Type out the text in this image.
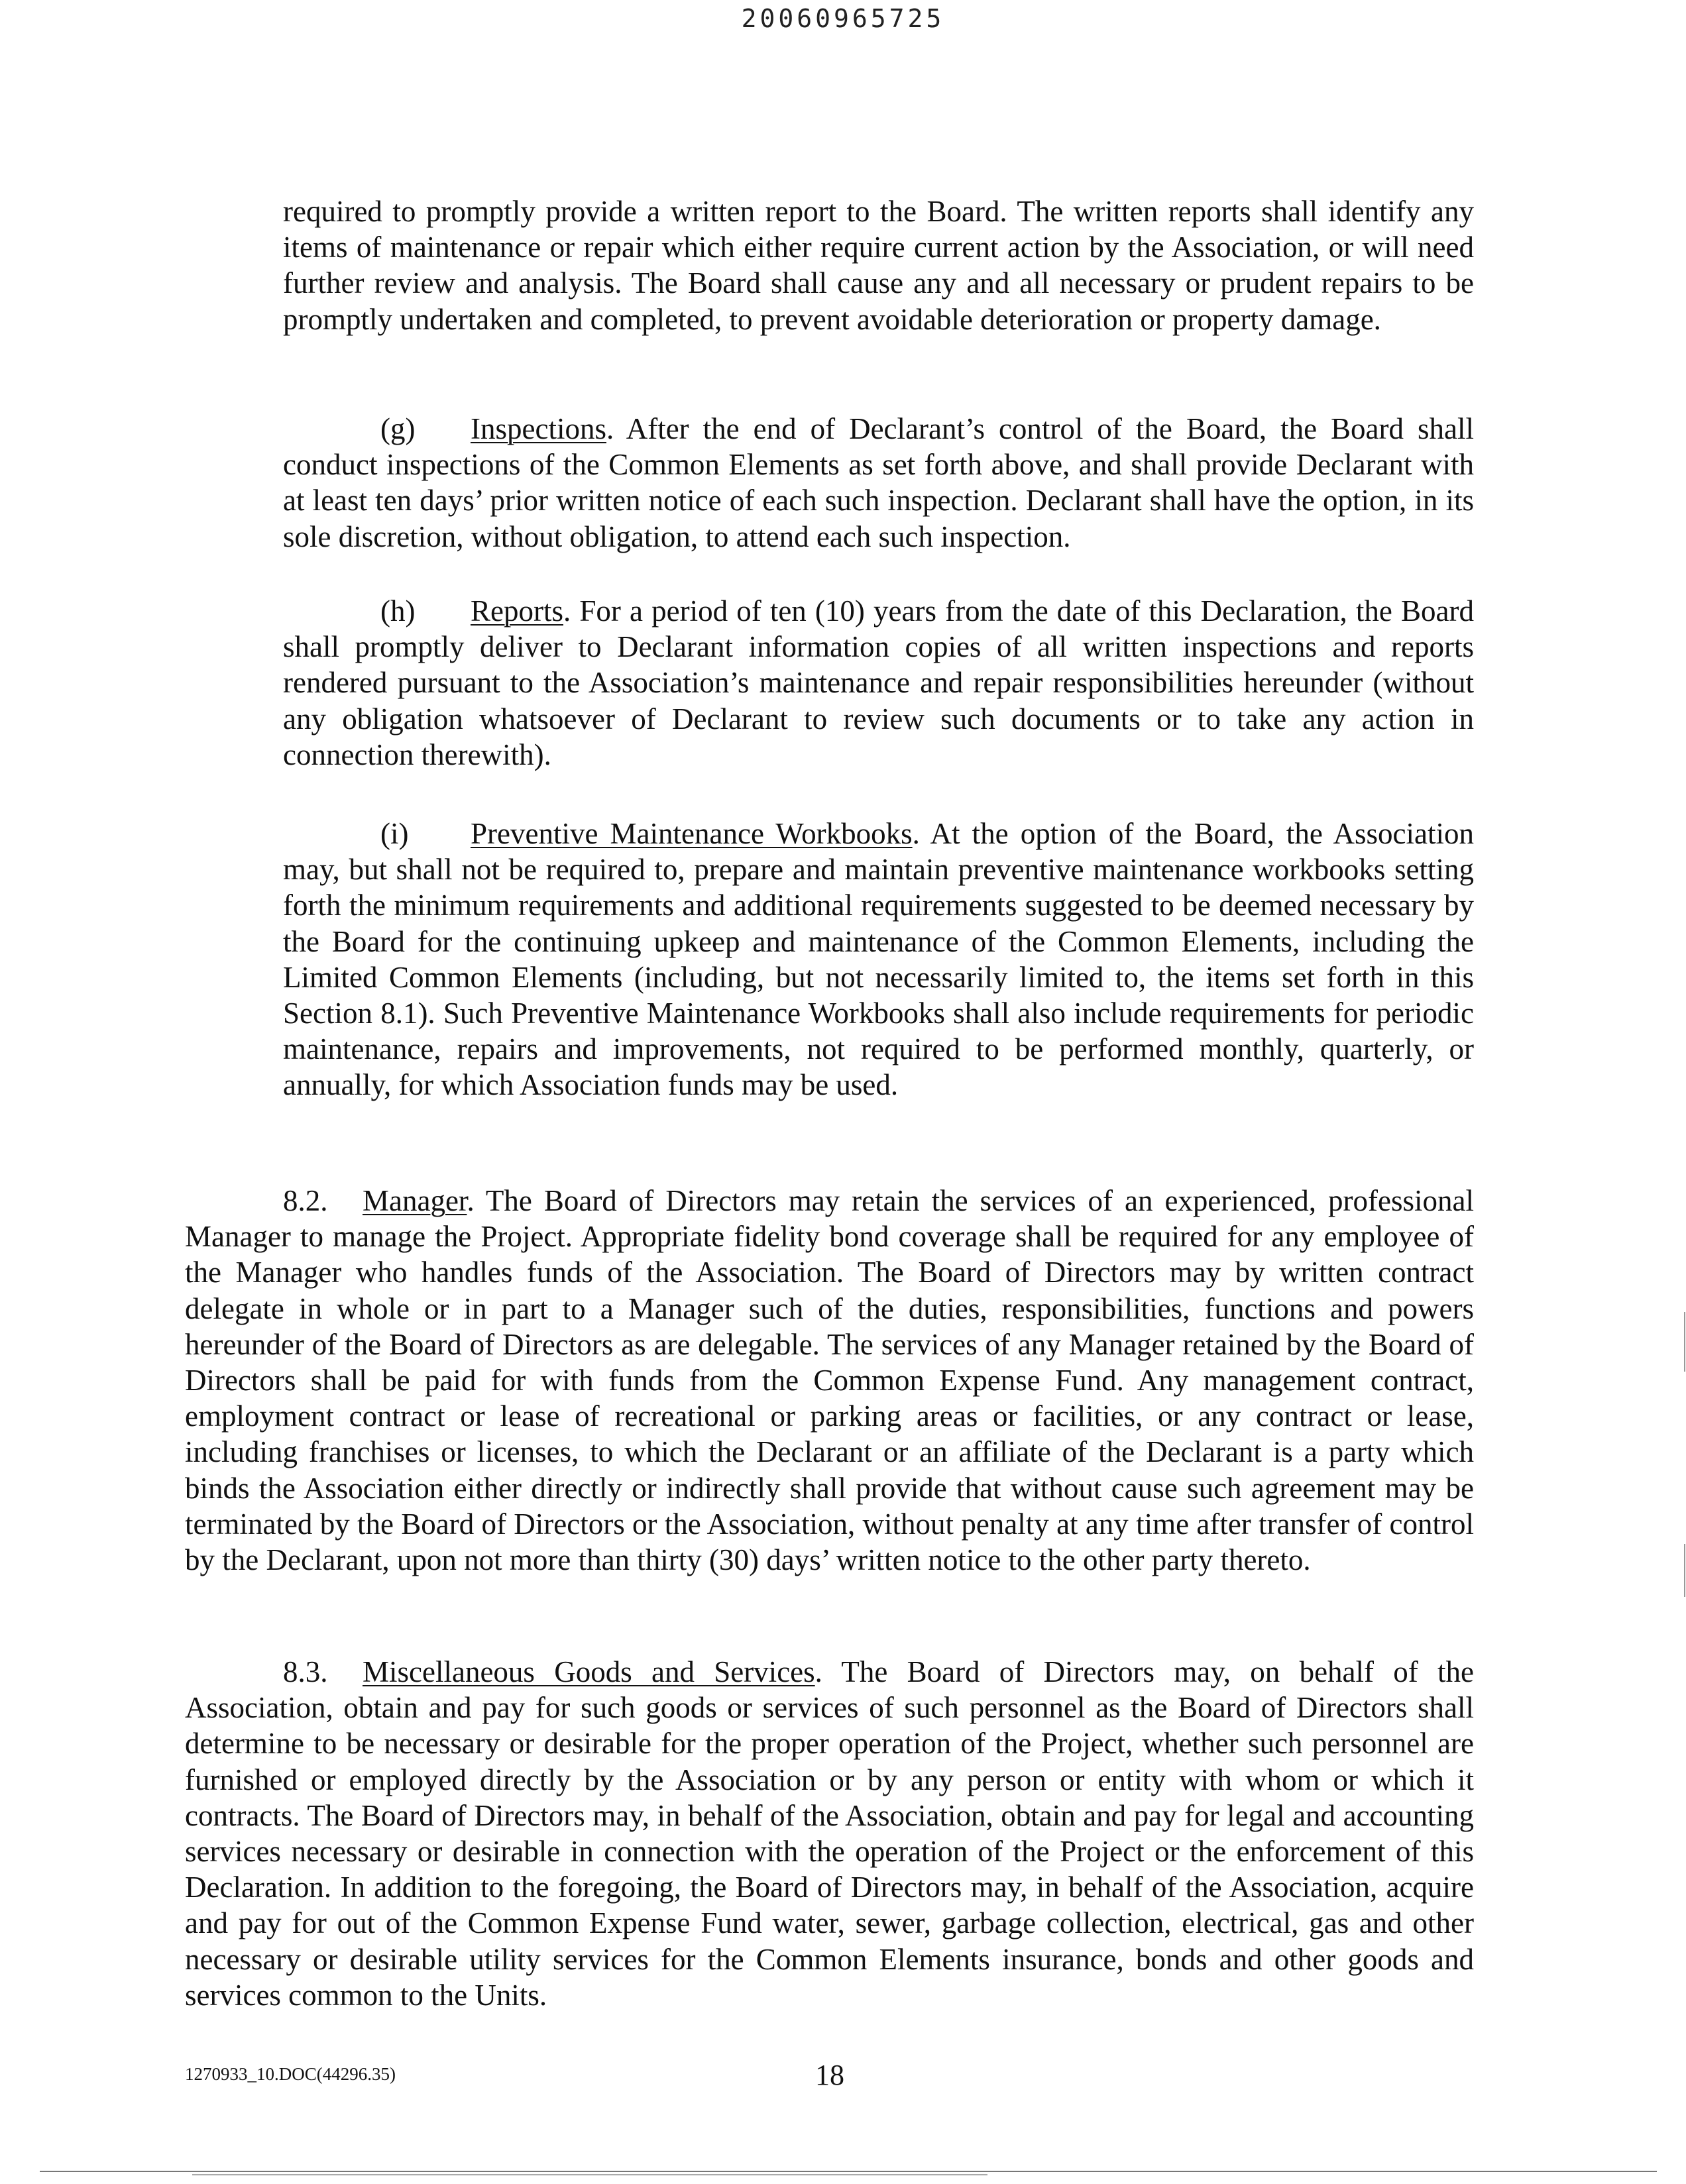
20060965725

required to promptly provide a written report to the Board. The written reports shall identify any items of maintenance or repair which either require current action by the Association, or will need further review and analysis. The Board shall cause any and all necessary or prudent repairs to be promptly undertaken and completed, to prevent avoidable deterioration or property damage.

(g) Inspections. After the end of Declarant’s control of the Board, the Board shall conduct inspections of the Common Elements as set forth above, and shall provide Declarant with at least ten days’ prior written notice of each such inspection. Declarant shall have the option, in its sole discretion, without obligation, to attend each such inspection.

(h) Reports. For a period of ten (10) years from the date of this Declaration, the Board shall promptly deliver to Declarant information copies of all written inspections and reports rendered pursuant to the Association’s maintenance and repair responsibilities hereunder (without any obligation whatsoever of Declarant to review such documents or to take any action in connection therewith).

(i) Preventive Maintenance Workbooks. At the option of the Board, the Association may, but shall not be required to, prepare and maintain preventive maintenance workbooks setting forth the minimum requirements and additional requirements suggested to be deemed necessary by the Board for the continuing upkeep and maintenance of the Common Elements, including the Limited Common Elements (including, but not necessarily limited to, the items set forth in this Section 8.1). Such Preventive Maintenance Workbooks shall also include requirements for periodic maintenance, repairs and improvements, not required to be performed monthly, quarterly, or annually, for which Association funds may be used.

8.2. Manager. The Board of Directors may retain the services of an experienced, professional Manager to manage the Project. Appropriate fidelity bond coverage shall be required for any employee of the Manager who handles funds of the Association. The Board of Directors may by written contract delegate in whole or in part to a Manager such of the duties, responsibilities, functions and powers hereunder of the Board of Directors as are delegable. The services of any Manager retained by the Board of Directors shall be paid for with funds from the Common Expense Fund. Any management contract, employment contract or lease of recreational or parking areas or facilities, or any contract or lease, including franchises or licenses, to which the Declarant or an affiliate of the Declarant is a party which binds the Association either directly or indirectly shall provide that without cause such agreement may be terminated by the Board of Directors or the Association, without penalty at any time after transfer of control by the Declarant, upon not more than thirty (30) days’ written notice to the other party thereto.

8.3. Miscellaneous Goods and Services. The Board of Directors may, on behalf of the Association, obtain and pay for such goods or services of such personnel as the Board of Directors shall determine to be necessary or desirable for the proper operation of the Project, whether such personnel are furnished or employed directly by the Association or by any person or entity with whom or which it contracts. The Board of Directors may, in behalf of the Association, obtain and pay for legal and accounting services necessary or desirable in connection with the operation of the Project or the enforcement of this Declaration. In addition to the foregoing, the Board of Directors may, in behalf of the Association, acquire and pay for out of the Common Expense Fund water, sewer, garbage collection, electrical, gas and other necessary or desirable utility services for the Common Elements insurance, bonds and other goods and services common to the Units.

1270933_10.DOC(44296.35)	18
